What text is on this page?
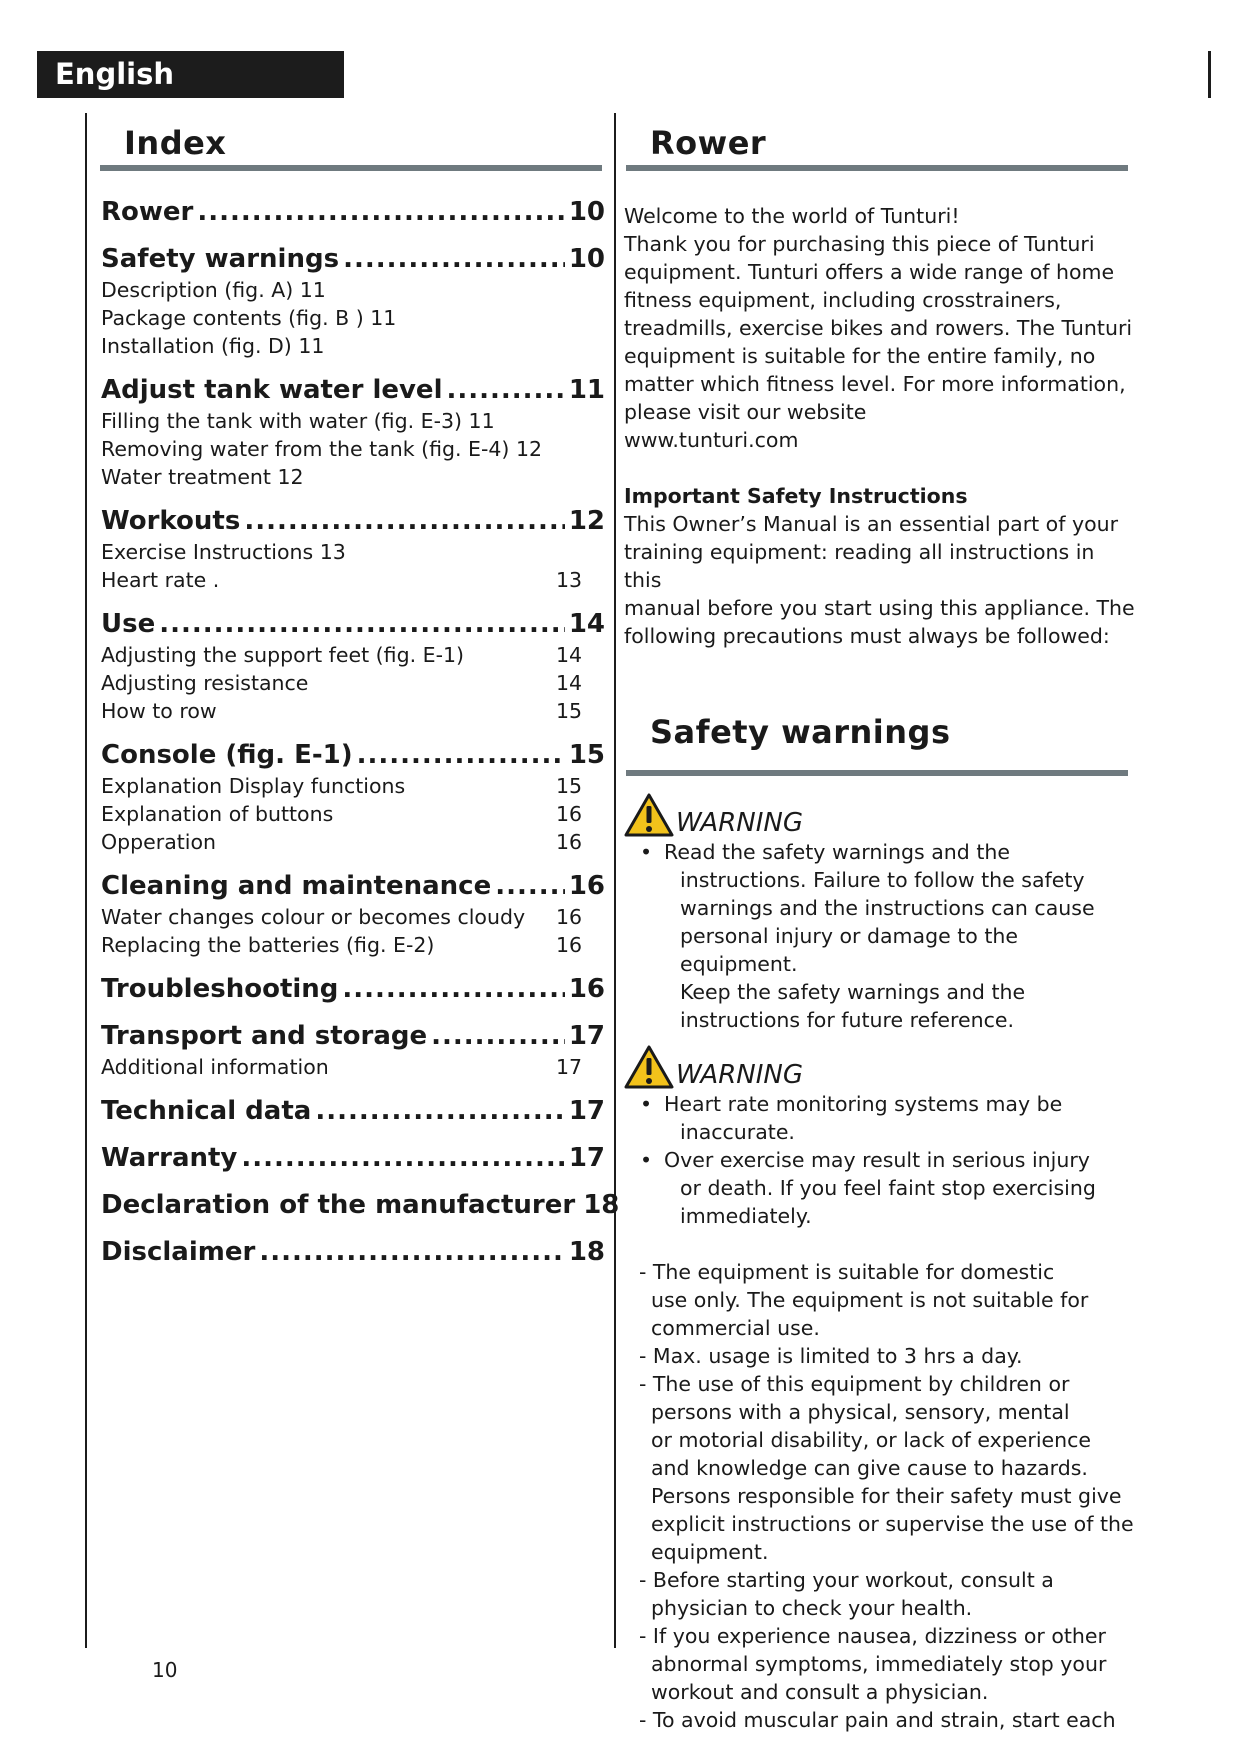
English
Index	Rower
Rower .....	10
Safety warnings .....	10
Description (fig. A) 11
Package contents (fig. B ) 11
Installation (fig. D) 11
Adjust tank water level .....	11
Filling the tank with water (fig. E-3) 11
Removing water from the tank (fig. E-4) 12
Water treatment 12
Workouts .....	12
Exercise Instructions 13
Heart rate .	13
Use .....	14
Adjusting the support feet (fig. E-1)	14
Adjusting resistance	14
How to row	15
Console (fig. E-1) .....	15
Explanation Display functions	15
Explanation of buttons	16
Opperation	16
Cleaning and maintenance .....	16
Water changes colour or becomes cloudy 16
Replacing the batteries (fig. E-2)	16
Troubleshooting .....	16
Transport and storage .....	17
Additional information	17
Technical data .....	17
Warranty .....	17
Declaration of the manufacturer 18
Disclaimer .....	18

Welcome to the world of Tunturi!

Thank you for purchasing this piece of Tunturi

equipment. Tunturi offers a wide range of home

fitness equipment, including crosstrainers,

treadmills, exercise bikes and rowers. The Tunturi

equipment is suitable for the entire family, no

matter which fitness level. For more information,

please visit our website

www.tunturi.com

Important Safety Instructions

This Owner’s Manual is an essential part of your

training equipment: reading all instructions in this

manual before you start using this appliance. The

following precautions must always be followed:

Safety warnings
WARNING
• Read the safety warnings and the
instructions. Failure to follow the safety
warnings and the instructions can cause
personal injury or damage to the equipment.
Keep the safety warnings and the
instructions for future reference.
WARNING
• Heart rate monitoring systems may be
inaccurate.
• Over exercise may result in serious injury
or death. If you feel faint stop exercising
immediately.
- The equipment is suitable for domestic
use only. The equipment is not suitable for
commercial use.
- Max. usage is limited to 3 hrs a day.
- The use of this equipment by children or
persons with a physical, sensory, mental
or motorial disability, or lack of experience
and knowledge can give cause to hazards.
Persons responsible for their safety must give
explicit instructions or supervise the use of the
equipment.
- Before starting your workout, consult a
physician to check your health.
- If you experience nausea, dizziness or other
abnormal symptoms, immediately stop your
workout and consult a physician.
- To avoid muscular pain and strain, start each
10
